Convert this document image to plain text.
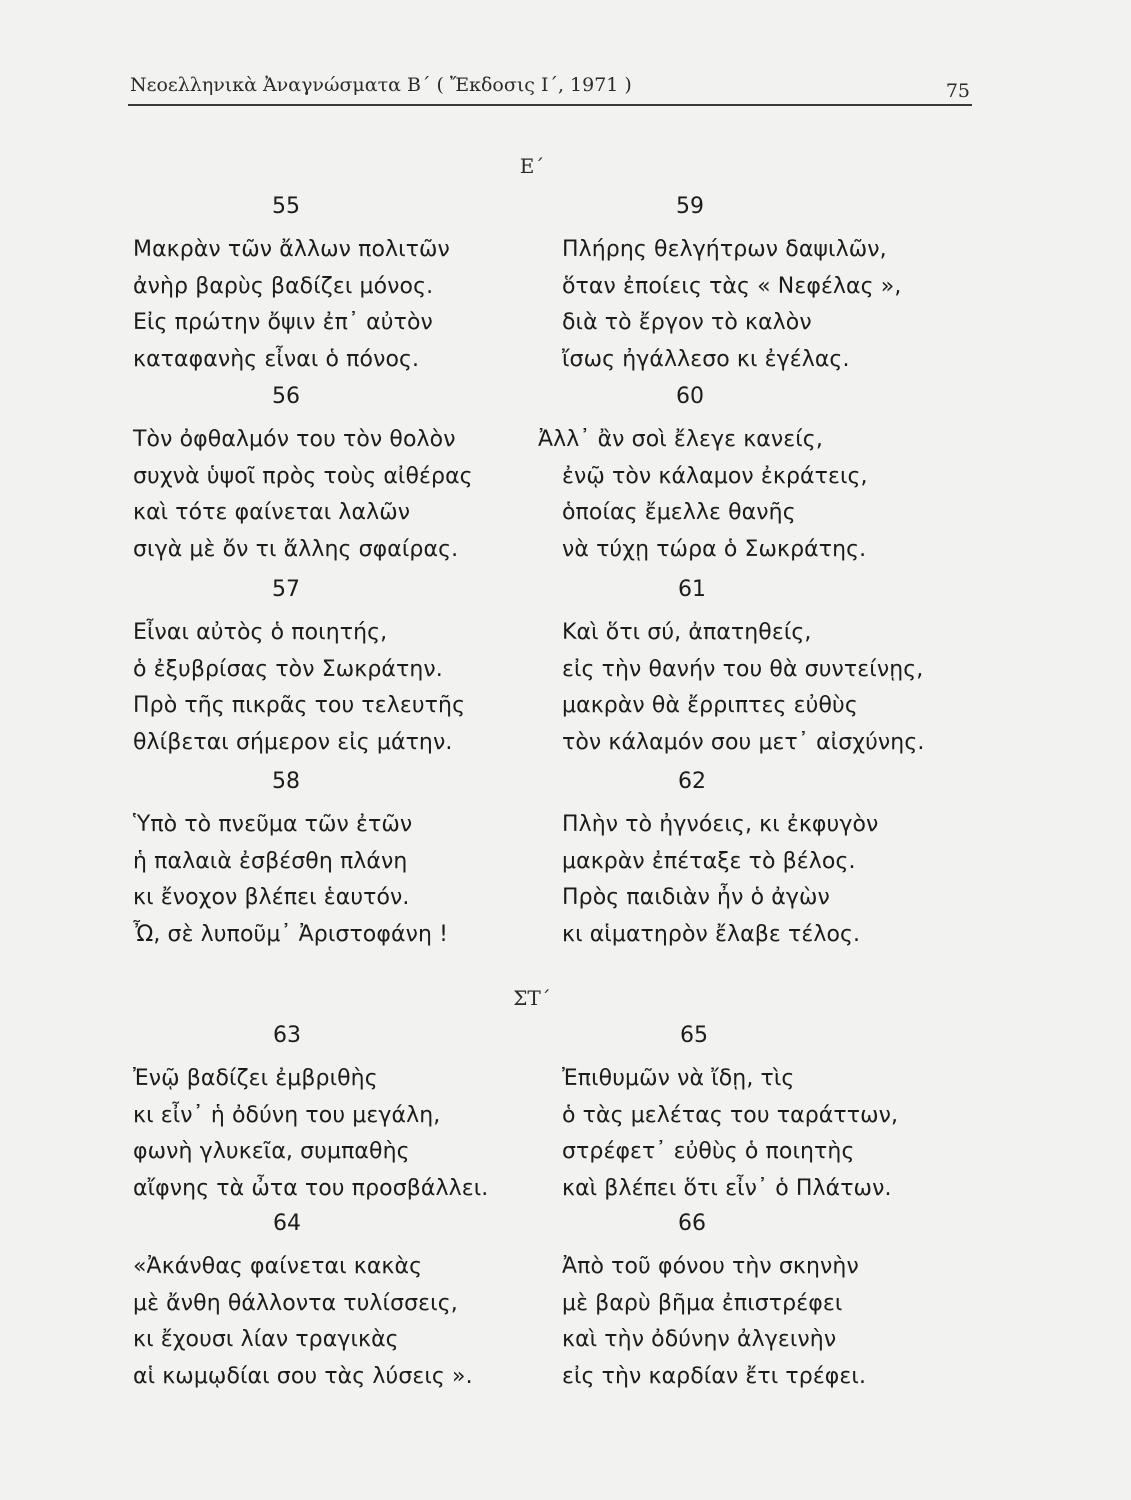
Νεοελληνικὰ Ἀναγνώσματα Β΄ ( Ἔκδοσις Ι΄, 1971 )	75
Ε΄
ΣΤ΄
55
Μακρὰν τῶν ἄλλων πολιτῶν
ἀνὴρ βαρὺς βαδίζει μόνος.
Εἰς πρώτην ὄψιν ἐπ᾿ αὐτὸν
καταφανὴς εἶναι ὁ πόνος.
56
Τὸν ὀφθαλμόν του τὸν θολὸν
συχνὰ ὑψοῖ πρὸς τοὺς αἰθέρας
καὶ τότε φαίνεται λαλῶν
σιγὰ μὲ ὄν τι ἄλλης σφαίρας.
57
Εἶναι αὐτὸς ὁ ποιητής,
ὁ ἐξυβρίσας τὸν Σωκράτην.
Πρὸ τῆς πικρᾶς του τελευτῆς
θλίβεται σήμερον εἰς μάτην.
58
Ὑπὸ τὸ πνεῦμα τῶν ἐτῶν
ἡ παλαιὰ ἐσβέσθη πλάνη
κι ἔνοχον βλέπει ἑαυτόν.
Ὦ, σὲ λυποῦμ᾿ Ἀριστοφάνη !
59
Πλήρης θελγήτρων δαψιλῶν,
ὅταν ἐποίεις τὰς « Νεφέλας »,
διὰ τὸ ἔργον τὸ καλὸν
ἴσως ἠγάλλεσο κι ἐγέλας.
60
Ἀλλ᾿ ἂν σοὶ ἔλεγε κανείς,
ἐνῷ τὸν κάλαμον ἐκράτεις,
ὁποίας ἔμελλε θανῆς
νὰ τύχῃ τώρα ὁ Σωκράτης.
61
Καὶ ὅτι σύ, ἀπατηθείς,
εἰς τὴν θανήν του θὰ συντείνῃς,
μακρὰν θὰ ἔρριπτες εὐθὺς
τὸν κάλαμόν σου μετ᾿ αἰσχύνης.
62
Πλὴν τὸ ἠγνόεις, κι ἐκφυγὸν
μακρὰν ἐπέταξε τὸ βέλος.
Πρὸς παιδιὰν ἦν ὁ ἀγὼν
κι αἱματηρὸν ἔλαβε τέλος.
63
Ἐνῷ βαδίζει ἐμβριθὴς
κι εἶν᾿ ἡ ὀδύνη του μεγάλη,
φωνὴ γλυκεῖα, συμπαθὴς
αἴφνης τὰ ὦτα του προσβάλλει.
64
«Ἀκάνθας φαίνεται κακὰς
μὲ ἄνθη θάλλοντα τυλίσσεις,
κι ἔχουσι λίαν τραγικὰς
αἱ κωμῳδίαι σου τὰς λύσεις ».
65
Ἐπιθυμῶν νὰ ἴδῃ, τὶς
ὁ τὰς μελέτας του ταράττων,
στρέφετ᾿ εὐθὺς ὁ ποιητὴς
καὶ βλέπει ὅτι εἶν᾿ ὁ Πλάτων.
66
Ἀπὸ τοῦ φόνου τὴν σκηνὴν
μὲ βαρὺ βῆμα ἐπιστρέφει
καὶ τὴν ὀδύνην ἀλγεινὴν
εἰς τὴν καρδίαν ἔτι τρέφει.
